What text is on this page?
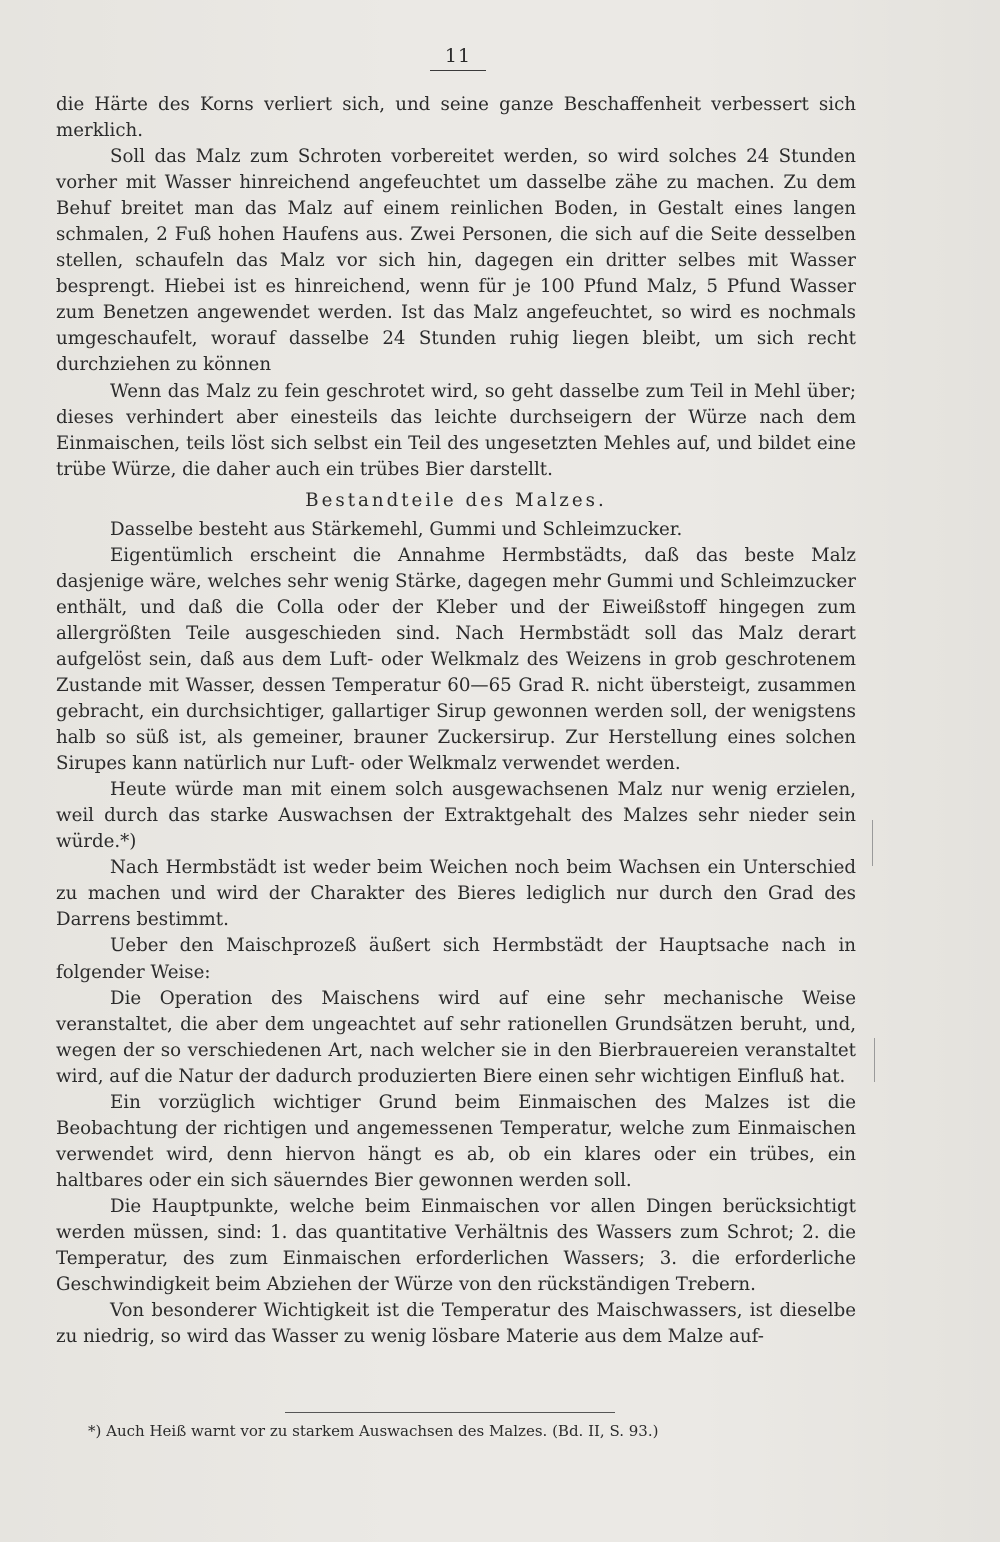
11

die Härte des Korns verliert sich, und seine ganze Beschaffenheit verbessert sich merklich.

Soll das Malz zum Schroten vorbereitet werden, so wird solches 24 Stunden vorher mit Wasser hinreichend angefeuchtet um dasselbe zähe zu machen. Zu dem Behuf breitet man das Malz auf einem reinlichen Boden, in Gestalt eines langen schmalen, 2 Fuß hohen Haufens aus. Zwei Personen, die sich auf die Seite desselben stellen, schaufeln das Malz vor sich hin, dagegen ein dritter selbes mit Wasser besprengt. Hiebei ist es hinreichend, wenn für je 100 Pfund Malz, 5 Pfund Wasser zum Benetzen angewendet werden. Ist das Malz angefeuchtet, so wird es nochmals umgeschaufelt, worauf dasselbe 24 Stunden ruhig liegen bleibt, um sich recht durchziehen zu können

Wenn das Malz zu fein geschrotet wird, so geht dasselbe zum Teil in Mehl über; dieses verhindert aber einesteils das leichte durchseigern der Würze nach dem Einmaischen, teils löst sich selbst ein Teil des ungesetzten Mehles auf, und bildet eine trübe Würze, die daher auch ein trübes Bier darstellt.

Bestandteile des Malzes.

Dasselbe besteht aus Stärkemehl, Gummi und Schleimzucker.

Eigentümlich erscheint die Annahme Hermbstädts, daß das beste Malz dasjenige wäre, welches sehr wenig Stärke, dagegen mehr Gummi und Schleimzucker enthält, und daß die Colla oder der Kleber und der Eiweißstoff hingegen zum allergrößten Teile ausgeschieden sind. Nach Hermbstädt soll das Malz derart aufgelöst sein, daß aus dem Luft- oder Welkmalz des Weizens in grob geschrotenem Zustande mit Wasser, dessen Temperatur 60—65 Grad R. nicht übersteigt, zusammen gebracht, ein durchsichtiger, gallartiger Sirup gewonnen werden soll, der wenigstens halb so süß ist, als gemeiner, brauner Zuckersirup. Zur Herstellung eines solchen Sirupes kann natürlich nur Luft- oder Welkmalz verwendet werden.

Heute würde man mit einem solch ausgewachsenen Malz nur wenig erzielen, weil durch das starke Auswachsen der Extraktgehalt des Malzes sehr nieder sein würde.*)

Nach Hermbstädt ist weder beim Weichen noch beim Wachsen ein Unterschied zu machen und wird der Charakter des Bieres lediglich nur durch den Grad des Darrens bestimmt.

Ueber den Maischprozeß äußert sich Hermbstädt der Hauptsache nach in folgender Weise:

Die Operation des Maischens wird auf eine sehr mechanische Weise veranstaltet, die aber dem ungeachtet auf sehr rationellen Grundsätzen beruht, und, wegen der so verschiedenen Art, nach welcher sie in den Bierbrauereien veranstaltet wird, auf die Natur der dadurch produzierten Biere einen sehr wichtigen Einfluß hat.

Ein vorzüglich wichtiger Grund beim Einmaischen des Malzes ist die Beobachtung der richtigen und angemessenen Temperatur, welche zum Einmaischen verwendet wird, denn hiervon hängt es ab, ob ein klares oder ein trübes, ein haltbares oder ein sich säuerndes Bier gewonnen werden soll.

Die Hauptpunkte, welche beim Einmaischen vor allen Dingen berücksichtigt werden müssen, sind: 1. das quantitative Verhältnis des Wassers zum Schrot; 2. die Temperatur, des zum Einmaischen erforderlichen Wassers; 3. die erforderliche Geschwindigkeit beim Abziehen der Würze von den rückständigen Trebern.

Von besonderer Wichtigkeit ist die Temperatur des Maischwassers, ist dieselbe zu niedrig, so wird das Wasser zu wenig lösbare Materie aus dem Malze auf-

*) Auch Heiß warnt vor zu starkem Auswachsen des Malzes. (Bd. II, S. 93.)
